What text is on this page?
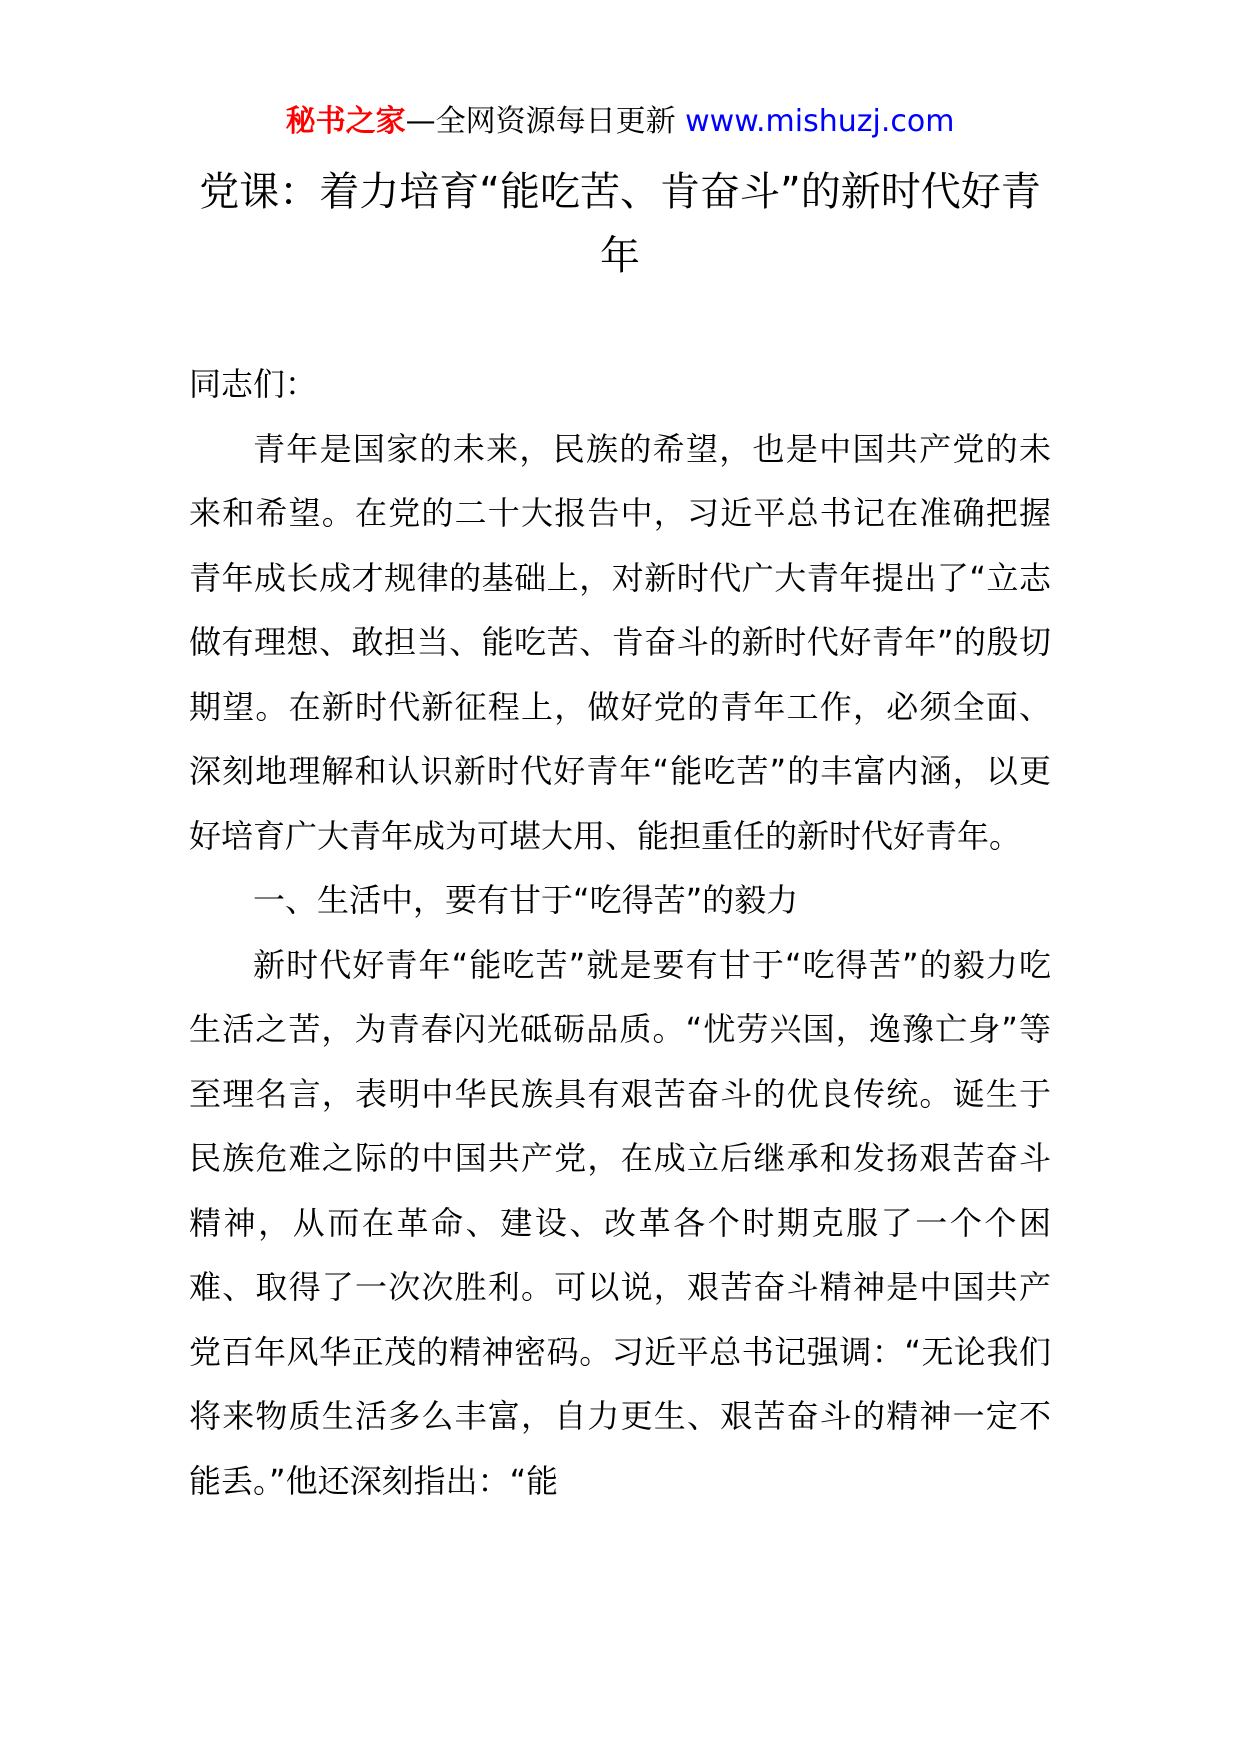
秘书之家—全网资源每日更新 www.mishuzj.com
党课：着力培育“能吃苦、肯奋斗”的新时代好青年

同志们：

青年是国家的未来，民族的希望，也是中国共产党的未来和希望。在党的二十大报告中，习近平总书记在准确把握青年成长成才规律的基础上，对新时代广大青年提出了“立志做有理想、敢担当、能吃苦、肯奋斗的新时代好青年”的殷切期望。在新时代新征程上，做好党的青年工作，必须全面、深刻地理解和认识新时代好青年“能吃苦”的丰富内涵，以更好培育广大青年成为可堪大用、能担重任的新时代好青年。

一、生活中，要有甘于“吃得苦”的毅力

新时代好青年“能吃苦”就是要有甘于“吃得苦”的毅力吃生活之苦，为青春闪光砥砺品质。“忧劳兴国，逸豫亡身”等至理名言，表明中华民族具有艰苦奋斗的优良传统。诞生于民族危难之际的中国共产党，在成立后继承和发扬艰苦奋斗精神，从而在革命、建设、改革各个时期克服了一个个困难、取得了一次次胜利。可以说，艰苦奋斗精神是中国共产党百年风华正茂的精神密码。习近平总书记强调：“无论我们将来物质生活多么丰富，自力更生、艰苦奋斗的精神一定不能丢。”他还深刻指出：“能
